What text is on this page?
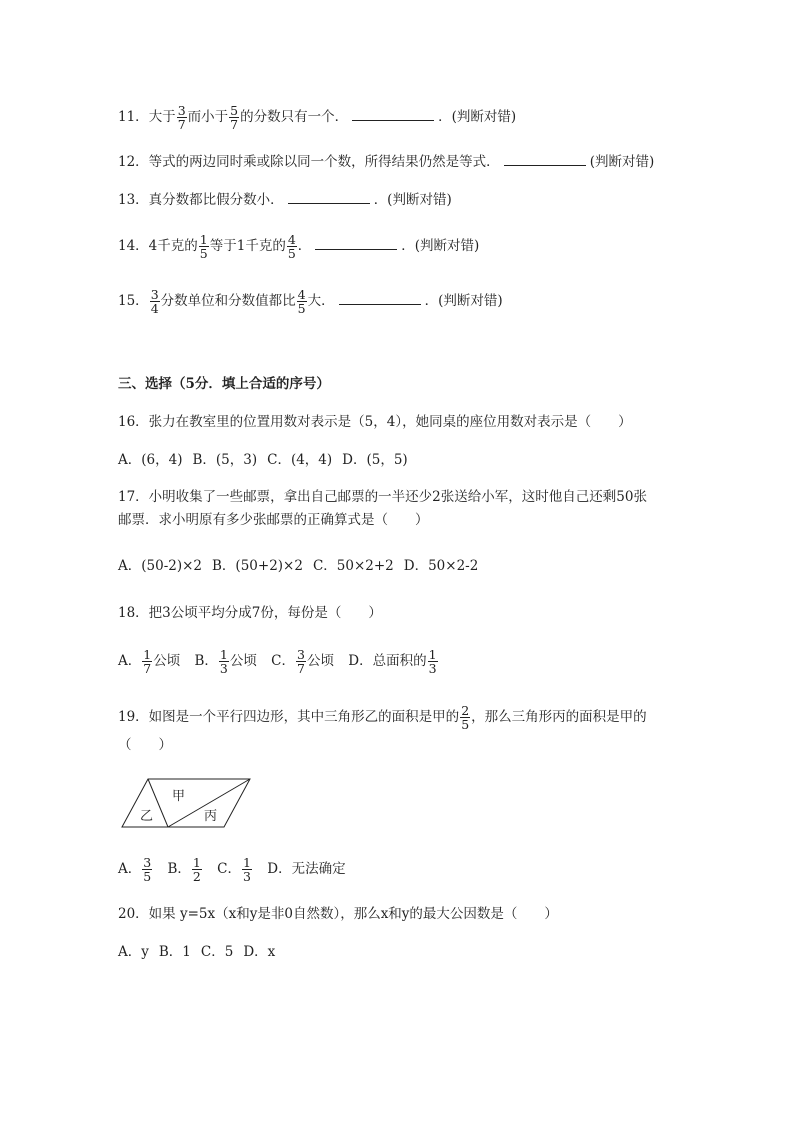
11．大于 $\frac{3}{7}$ 而小于 $\frac{5}{7}$ 的分数只有一个．	．(判断对错)
12．等式的两边同时乘或除以同一个数，所得结果仍然是等式．	(判断对错)
13．真分数都比假分数小．	．(判断对错)
14．4千克的 $\frac{1}{5}$ 等于1千克的 $\frac{4}{5}$ ．	．(判断对错)
15． $\frac{3}{4}$ 分数单位和分数值都比 $\frac{4}{5}$ 大．	．(判断对错)
三、选择（5分．填上合适的序号）
16．张力在教室里的位置用数对表示是（5，4），她同桌的座位用数对表示是（　　）
A．(6，4) B．(5，3) C．(4，4) D．(5，5)
17．小明收集了一些邮票，拿出自己邮票的一半还少2张送给小军，这时他自己还剩50张
邮票．求小明原有多少张邮票的正确算式是（　　）
A．(50-2)×2 B．(50+2)×2 C．50×2+2 D．50×2-2
18．把3公顷平均分成7份，每份是（　　）
A． $\frac{1}{7}$ 公顷 B． $\frac{1}{3}$ 公顷 C． $\frac{3}{7}$ 公顷 D．总面积的 $\frac{1}{3}$
19．如图是一个平行四边形，其中三角形乙的面积是甲的 $\frac{2}{5}$ ，那么三角形丙的面积是甲的
（　　）
甲
乙	丙
A． $\frac{3}{5}$ B． $\frac{1}{2}$ C． $\frac{1}{3}$ D．无法确定
20．如果 y=5x（x和y是非0自然数），那么x和y的最大公因数是（　　）
A．y B．1 C．5 D．x
